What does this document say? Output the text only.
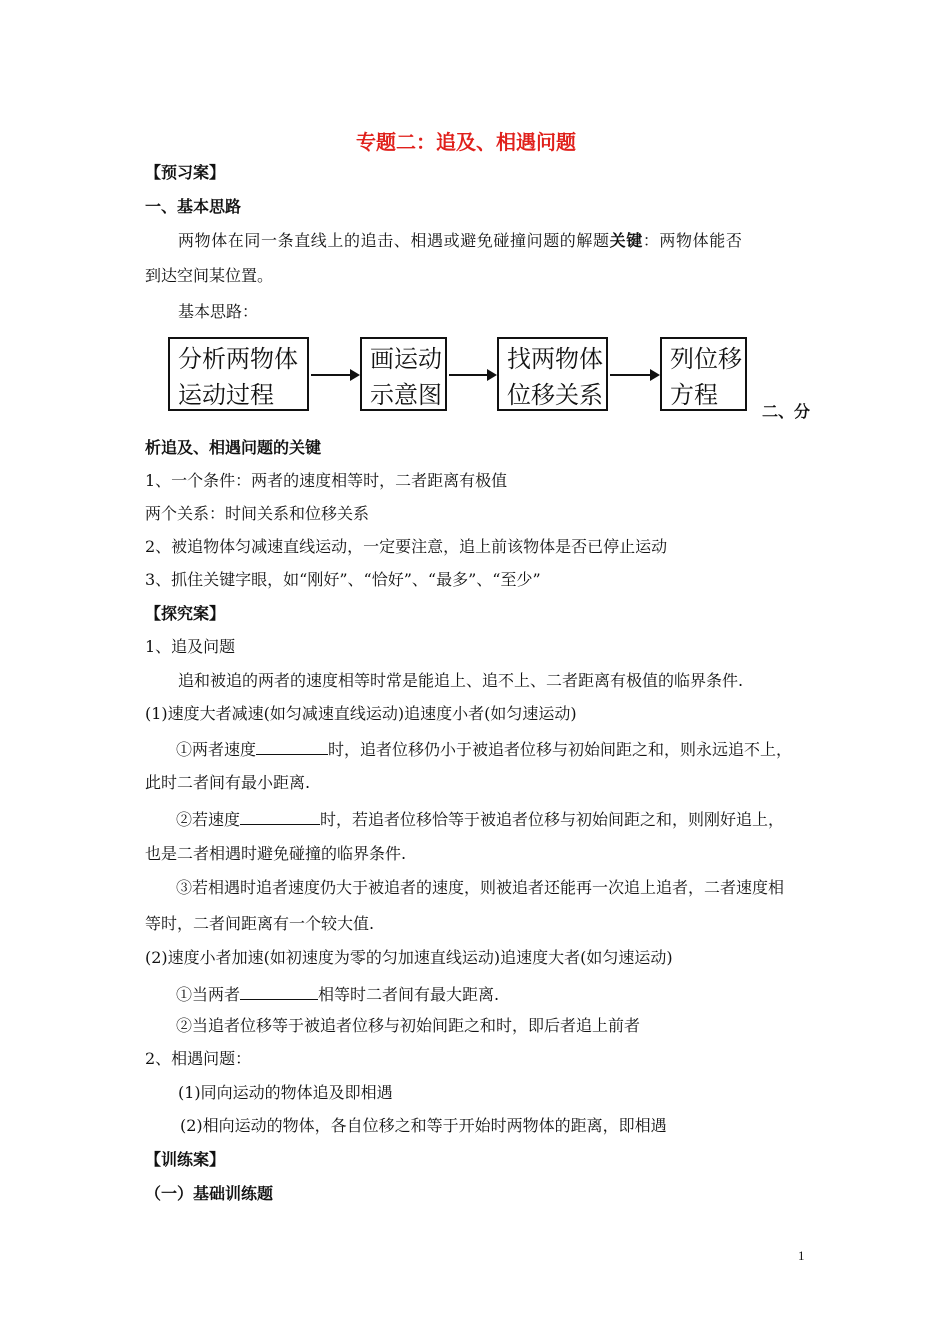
专题二：追及、相遇问题
【预习案】
一、基本思路
两物体在同一条直线上的追击、相遇或避免碰撞问题的解题关键：两物体能否
到达空间某位置。
基本思路：
分析两物体
运动过程
画运动
示意图
找两物体
位移关系
列位移
方程
二、分
析追及、相遇问题的关键
1、一个条件：两者的速度相等时，二者距离有极值
两个关系：时间关系和位移关系
2、被追物体匀减速直线运动，一定要注意，追上前该物体是否已停止运动
3、抓住关键字眼，如“刚好”、“恰好”、“最多”、“至少”
【探究案】
1、追及问题
追和被追的两者的速度相等时常是能追上、追不上、二者距离有极值的临界条件.
(1)速度大者减速(如匀减速直线运动)追速度小者(如匀速运动)
①两者速度	时，追者位移仍小于被追者位移与初始间距之和，则永远追不上，
此时二者间有最小距离.
②若速度	时，若追者位移恰等于被追者位移与初始间距之和，则刚好追上，
也是二者相遇时避免碰撞的临界条件.
③若相遇时追者速度仍大于被追者的速度，则被追者还能再一次追上追者，二者速度相
等时，二者间距离有一个较大值.
(2)速度小者加速(如初速度为零的匀加速直线运动)追速度大者(如匀速运动)
①当两者	相等时二者间有最大距离.
②当追者位移等于被追者位移与初始间距之和时，即后者追上前者
2、相遇问题：
(1)同向运动的物体追及即相遇
(2)相向运动的物体，各自位移之和等于开始时两物体的距离，即相遇
【训练案】
（一）基础训练题
1
